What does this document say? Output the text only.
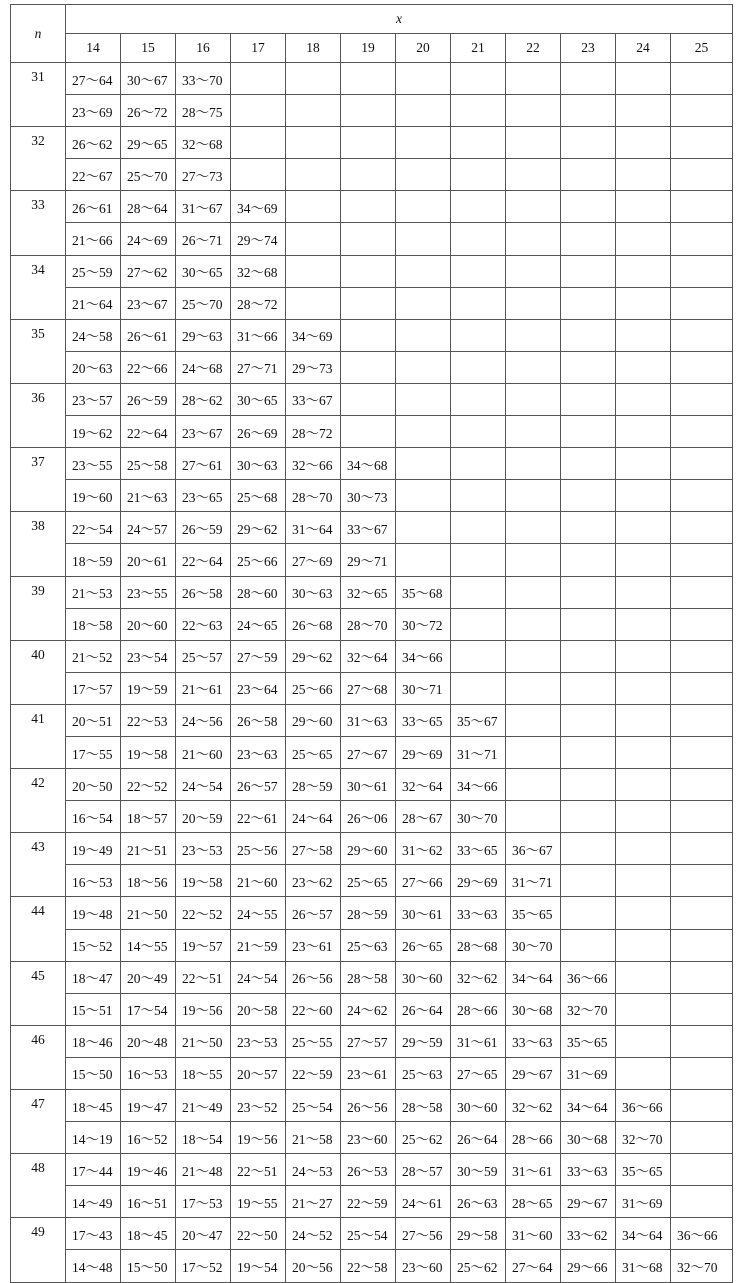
n	x											
	14	15	16	17	18	19	20	21	22	23	24	25
31	27～64	30～67	33～70									
	23～69	26～72	28～75									
32	26～62	29～65	32～68									
	22～67	25～70	27～73									
33	26～61	28～64	31～67	34～69								
	21～66	24～69	26～71	29～74								
34	25～59	27～62	30～65	32～68								
	21～64	23～67	25～70	28～72								
35	24～58	26～61	29～63	31～66	34～69							
	20～63	22～66	24～68	27～71	29～73							
36	23～57	26～59	28～62	30～65	33～67							
	19～62	22～64	23～67	26～69	28～72							
37	23～55	25～58	27～61	30～63	32～66	34～68						
	19～60	21～63	23～65	25～68	28～70	30～73						
38	22～54	24～57	26～59	29～62	31～64	33～67						
	18～59	20～61	22～64	25～66	27～69	29～71						
39	21～53	23～55	26～58	28～60	30～63	32～65	35～68					
	18～58	20～60	22～63	24～65	26～68	28～70	30～72					
40	21～52	23～54	25～57	27～59	29～62	32～64	34～66					
	17～57	19～59	21～61	23～64	25～66	27～68	30～71					
41	20～51	22～53	24～56	26～58	29～60	31～63	33～65	35～67				
	17～55	19～58	21～60	23～63	25～65	27～67	29～69	31～71				
42	20～50	22～52	24～54	26～57	28～59	30～61	32～64	34～66				
	16～54	18～57	20～59	22～61	24～64	26～06	28～67	30～70				
43	19～49	21～51	23～53	25～56	27～58	29～60	31～62	33～65	36～67			
	16～53	18～56	19～58	21～60	23～62	25～65	27～66	29～69	31～71			
44	19～48	21～50	22～52	24～55	26～57	28～59	30～61	33～63	35～65			
	15～52	14～55	19～57	21～59	23～61	25～63	26～65	28～68	30～70			
45	18～47	20～49	22～51	24～54	26～56	28～58	30～60	32～62	34～64	36～66		
	15～51	17～54	19～56	20～58	22～60	24～62	26～64	28～66	30～68	32～70		
46	18～46	20～48	21～50	23～53	25～55	27～57	29～59	31～61	33～63	35～65		
	15～50	16～53	18～55	20～57	22～59	23～61	25～63	27～65	29～67	31～69		
47	18～45	19～47	21～49	23～52	25～54	26～56	28～58	30～60	32～62	34～64	36～66	
	14～19	16～52	18～54	19～56	21～58	23～60	25～62	26～64	28～66	30～68	32～70	
48	17～44	19～46	21～48	22～51	24～53	26～53	28～57	30～59	31～61	33～63	35～65	
	14～49	16～51	17～53	19～55	21～27	22～59	24～61	26～63	28～65	29～67	31～69	
49	17～43	18～45	20～47	22～50	24～52	25～54	27～56	29～58	31～60	33～62	34～64	36～66
	14～48	15～50	17～52	19～54	20～56	22～58	23～60	25～62	27～64	29～66	31～68	32～70
